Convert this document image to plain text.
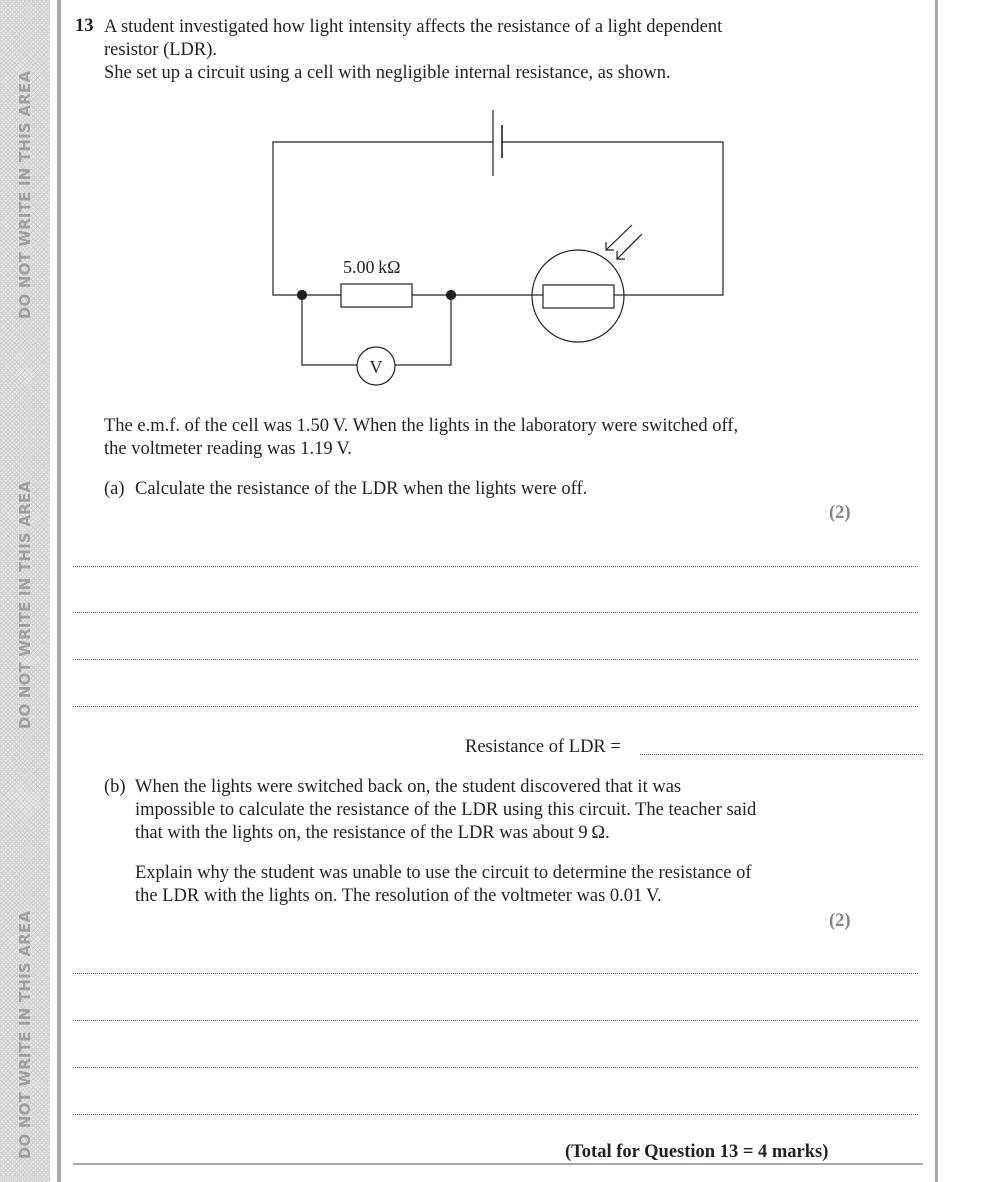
DO NOT WRITE IN THIS AREA
DO NOT WRITE IN THIS AREA
DO NOT WRITE IN THIS AREA
13 A student investigated how light intensity affects the resistance of a light dependent
resistor (LDR).
She set up a circuit using a cell with negligible internal resistance, as shown.
5.00 kΩ
V
The e.m.f. of the cell was 1.50 V. When the lights in the laboratory were switched off,
the voltmeter reading was 1.19 V.
(a) Calculate the resistance of the LDR when the lights were off.
(2)
Resistance of LDR =
(b) When the lights were switched back on, the student discovered that it was
impossible to calculate the resistance of the LDR using this circuit. The teacher said
that with the lights on, the resistance of the LDR was about 9 Ω.
Explain why the student was unable to use the circuit to determine the resistance of
the LDR with the lights on. The resolution of the voltmeter was 0.01 V.
(2)
(Total for Question 13 = 4 marks)
